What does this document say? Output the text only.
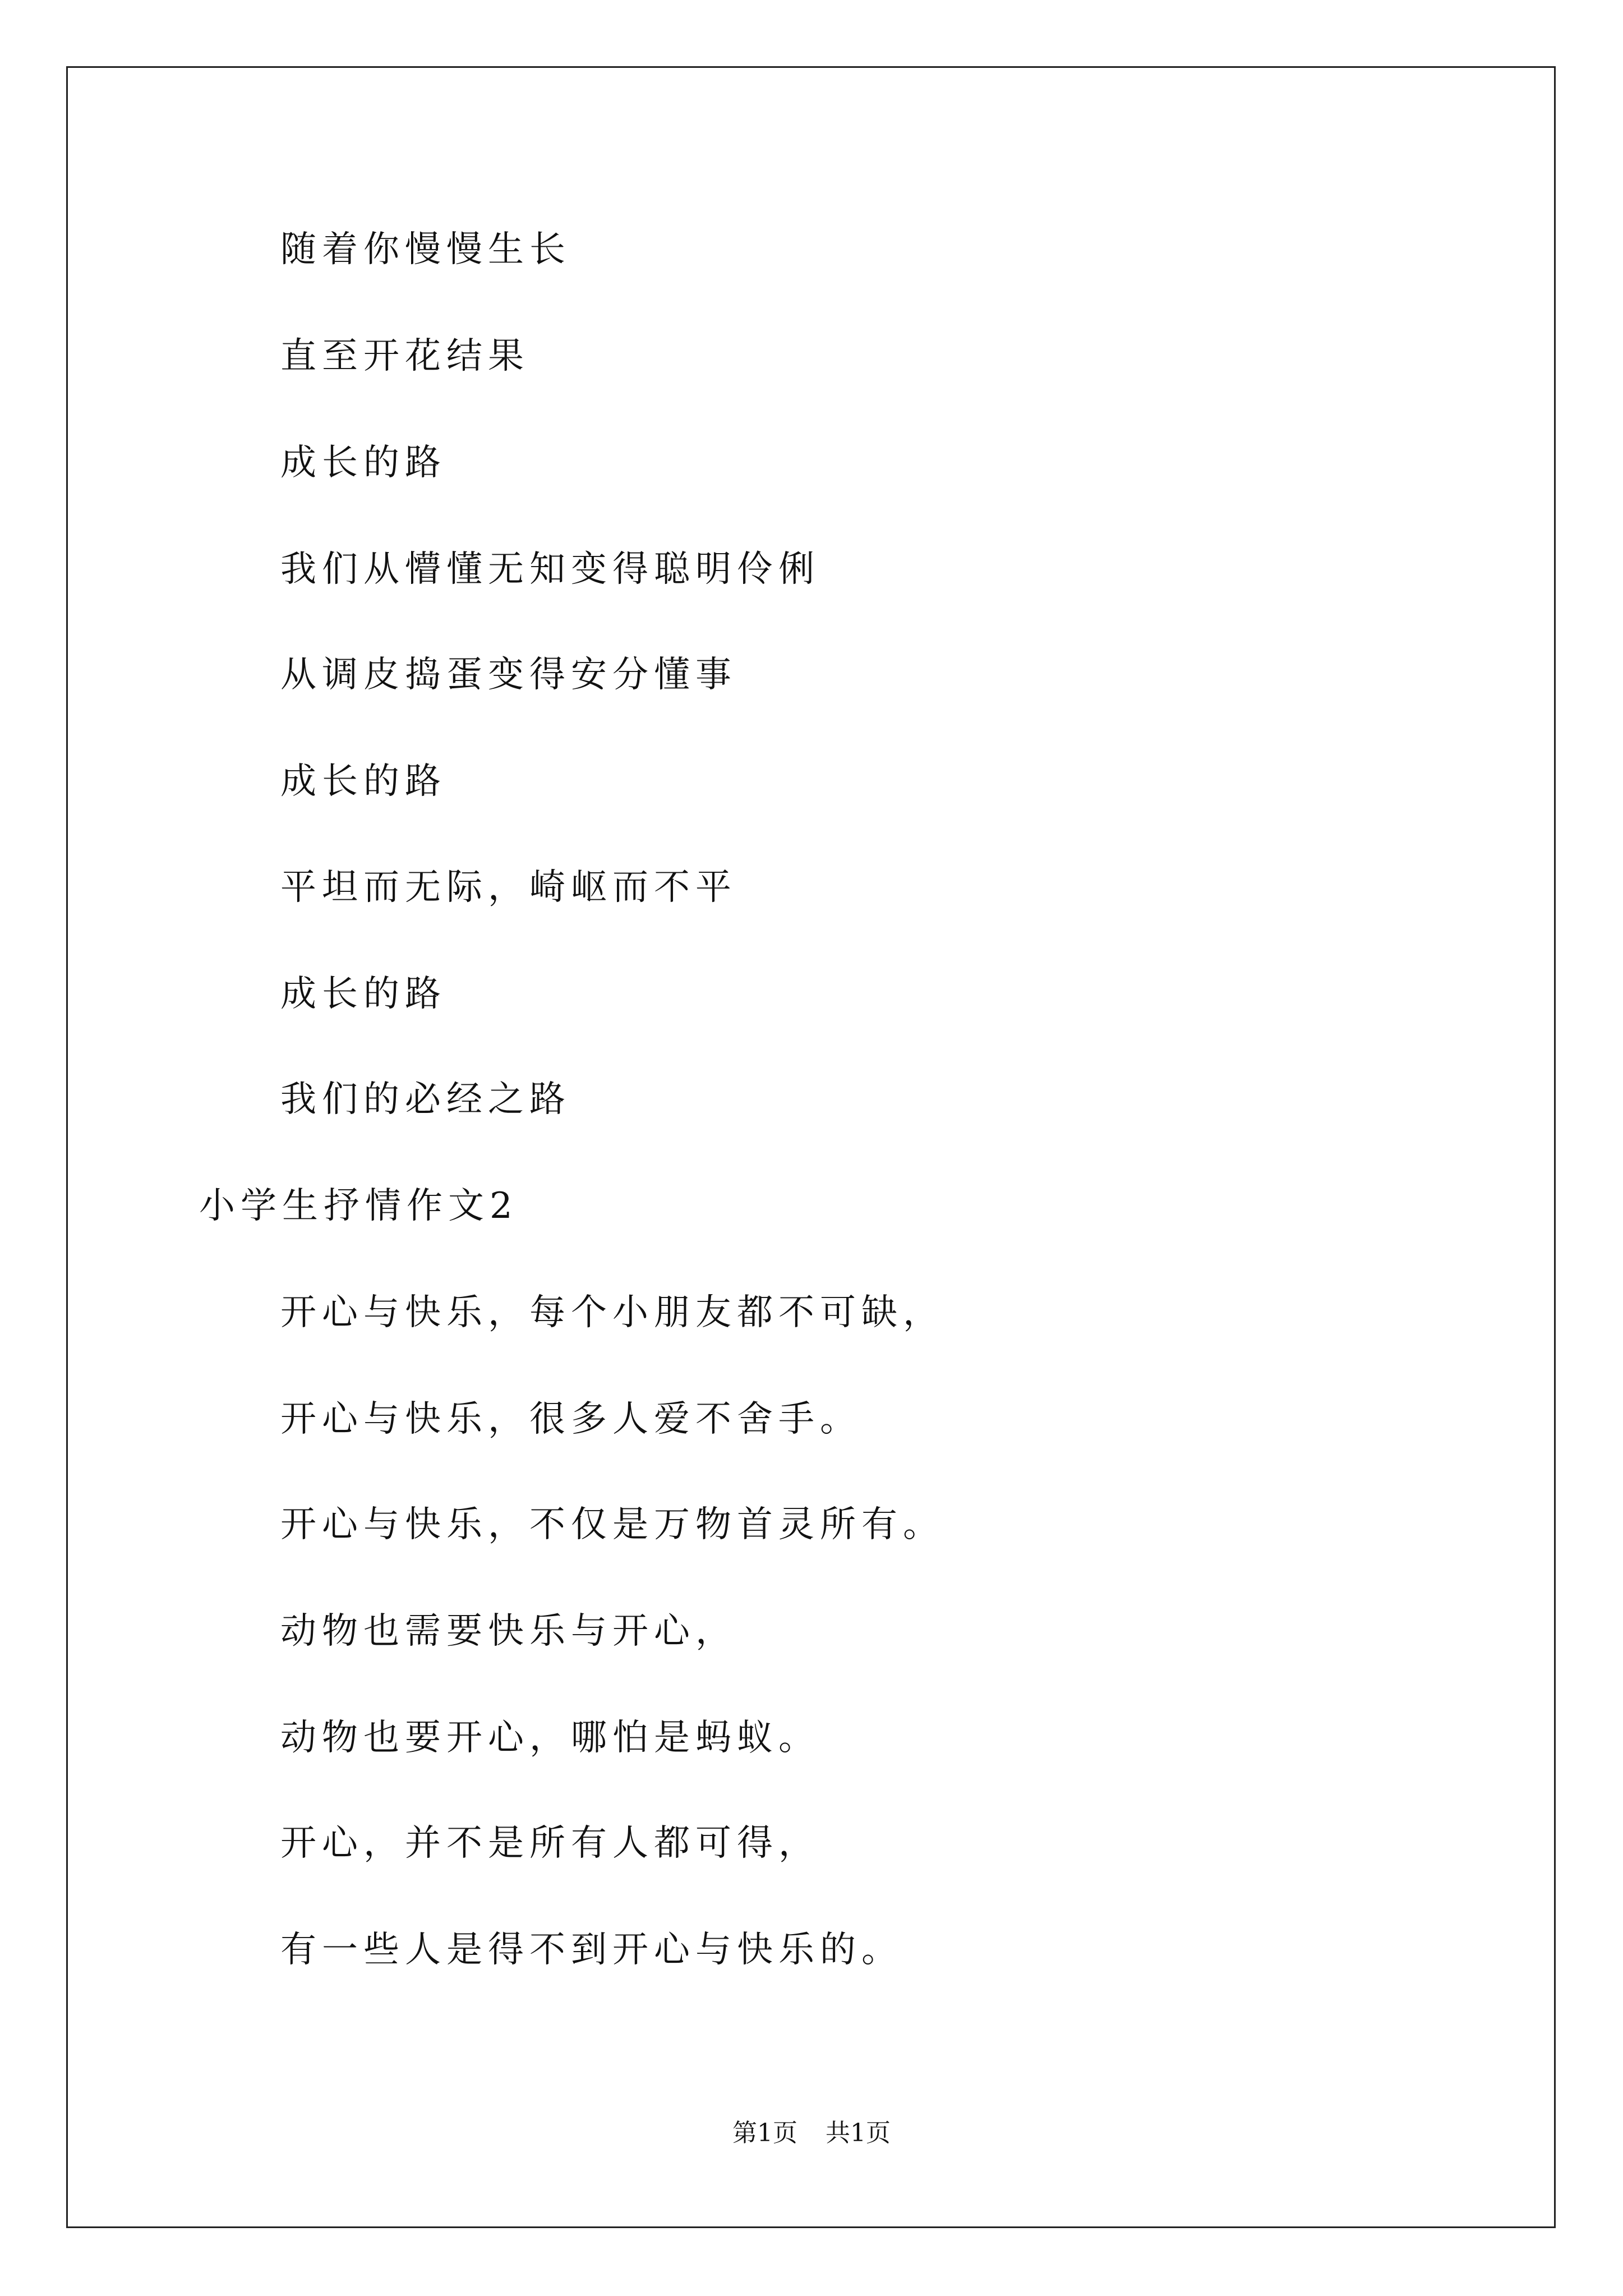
随着你慢慢生长
直至开花结果
成长的路
我们从懵懂无知变得聪明伶俐
从调皮捣蛋变得安分懂事
成长的路
平坦而无际，崎岖而不平
成长的路
我们的必经之路
小学生抒情作文2
开心与快乐，每个小朋友都不可缺，
开心与快乐，很多人爱不舍手。
开心与快乐，不仅是万物首灵所有。
动物也需要快乐与开心，
动物也要开心，哪怕是蚂蚁。
开心，并不是所有人都可得，
有一些人是得不到开心与快乐的。
第1页 共1页
